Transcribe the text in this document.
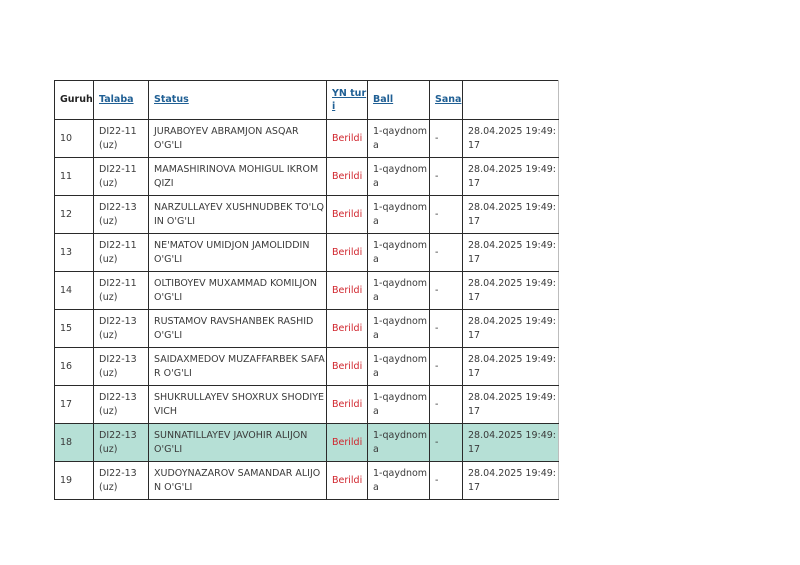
Guruh	Talaba	Status	YN turi	Ball	Sana	
10	DI22-11 (uz)	JURABOYEV ABRAMJON ASQAR O'G'LI	Berildi	1-qaydnoma	-	28.04.2025 19:49:17
11	DI22-11 (uz)	MAMASHIRINOVA MOHIGUL IKROM QIZI	Berildi	1-qaydnoma	-	28.04.2025 19:49:17
12	DI22-13 (uz)	NARZULLAYEV XUSHNUDBEK TO'LQIN O'G'LI	Berildi	1-qaydnoma	-	28.04.2025 19:49:17
13	DI22-11 (uz)	NE'MATOV UMIDJON JAMOLIDDIN O'G'LI	Berildi	1-qaydnoma	-	28.04.2025 19:49:17
14	DI22-11 (uz)	OLTIBOYEV MUXAMMAD KOMILJON O'G'LI	Berildi	1-qaydnoma	-	28.04.2025 19:49:17
15	DI22-13 (uz)	RUSTAMOV RAVSHANBEK RASHID O'G'LI	Berildi	1-qaydnoma	-	28.04.2025 19:49:17
16	DI22-13 (uz)	SAIDAXMEDOV MUZAFFARBEK SAFAR O'G'LI	Berildi	1-qaydnoma	-	28.04.2025 19:49:17
17	DI22-13 (uz)	SHUKRULLAYEV SHOXRUX SHODIYEVICH	Berildi	1-qaydnoma	-	28.04.2025 19:49:17
18	DI22-13 (uz)	SUNNATILLAYEV JAVOHIR ALIJON O'G'LI	Berildi	1-qaydnoma	-	28.04.2025 19:49:17
19	DI22-13 (uz)	XUDOYNAZAROV SAMANDAR ALIJON O'G'LI	Berildi	1-qaydnoma	-	28.04.2025 19:49:17
